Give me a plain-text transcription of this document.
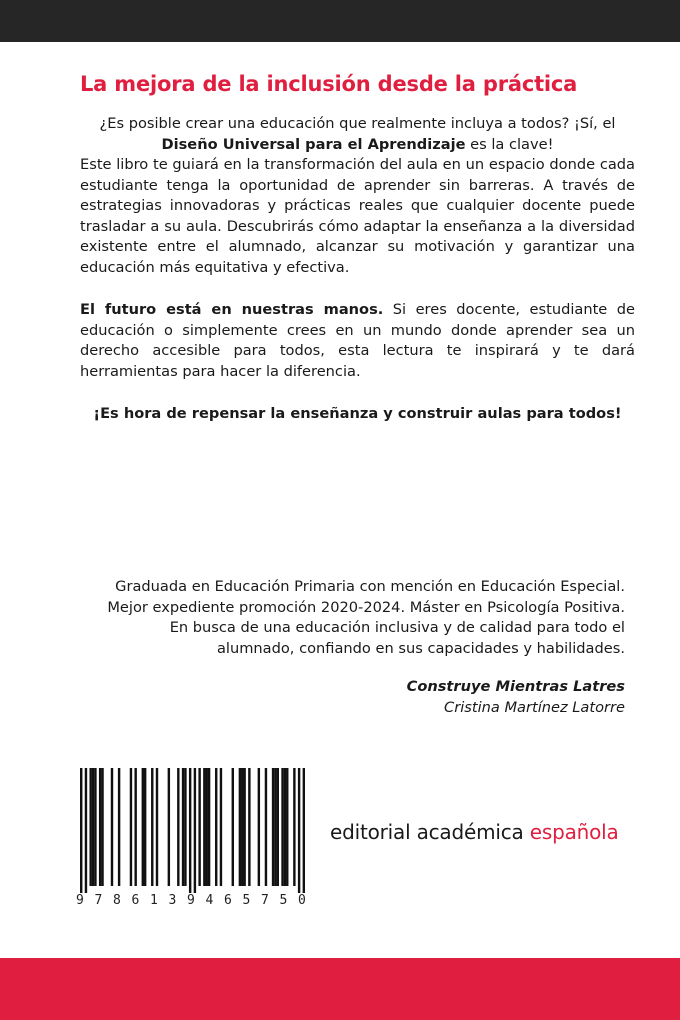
La mejora de la inclusión desde la práctica

¿Es posible crear una educación que realmente incluya a todos? ¡Sí, el Diseño Universal para el Aprendizaje es la clave!

Este libro te guiará en la transformación del aula en un espacio donde cada estudiante tenga la oportunidad de aprender sin barreras. A través de estrategias innovadoras y prácticas reales que cualquier docente puede trasladar a su aula. Descubrirás cómo adaptar la enseñanza a la diversidad existente entre el alumnado, alcanzar su motivación y garantizar una educación más equitativa y efectiva.

El futuro está en nuestras manos. Si eres docente, estudiante de educación o simplemente crees en un mundo donde aprender sea un derecho accesible para todos, esta lectura te inspirará y te dará herramientas para hacer la diferencia.

¡Es hora de repensar la enseñanza y construir aulas para todos!

Graduada en Educación Primaria con mención en Educación Especial.

Mejor expediente promoción 2020-2024. Máster en Psicología Positiva.

En busca de una educación inclusiva y de calidad para todo el

alumnado, confiando en sus capacidades y habilidades.

Construye Mientras Latres

Cristina Martínez Latorre

9 7 8 6 1 3 9 4 6 5 7 5 0
editorial académica española
